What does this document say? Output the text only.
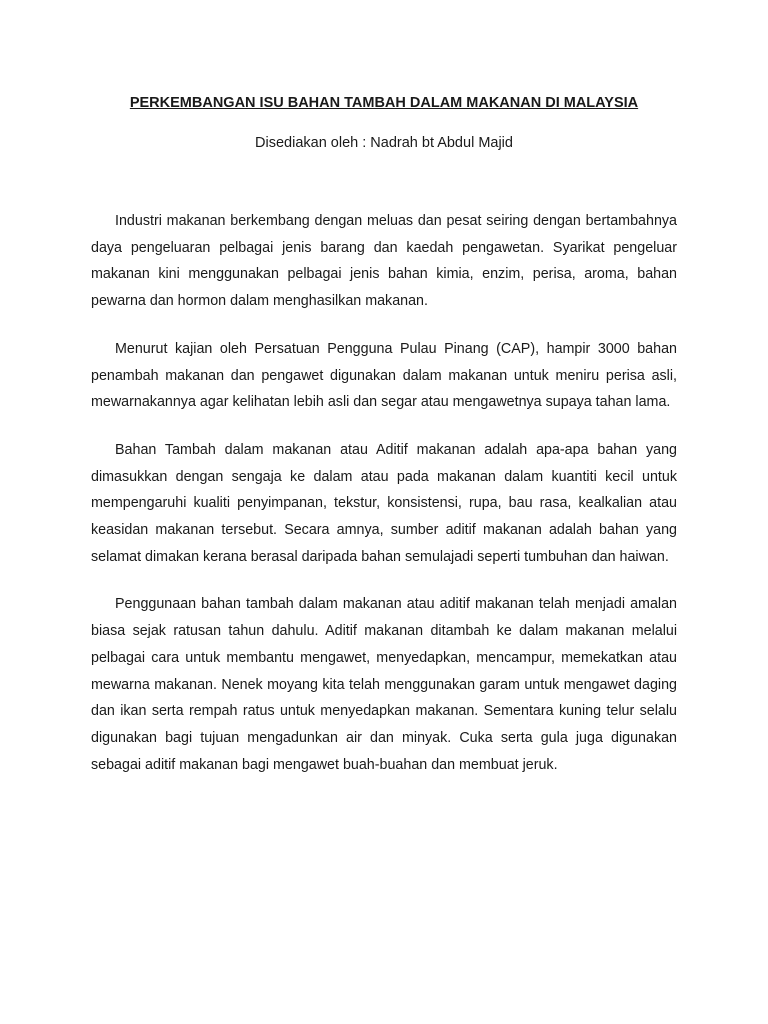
PERKEMBANGAN ISU BAHAN TAMBAH DALAM MAKANAN DI MALAYSIA

Disediakan oleh : Nadrah bt Abdul Majid

Industri makanan berkembang dengan meluas dan pesat seiring dengan bertambahnya daya pengeluaran pelbagai jenis barang dan kaedah pengawetan. Syarikat pengeluar makanan kini menggunakan pelbagai jenis bahan kimia, enzim, perisa, aroma, bahan pewarna dan hormon dalam menghasilkan makanan.

Menurut kajian oleh Persatuan Pengguna Pulau Pinang (CAP), hampir 3000 bahan penambah makanan dan pengawet digunakan dalam makanan untuk meniru perisa asli, mewarnakannya agar kelihatan lebih asli dan segar atau mengawetnya supaya tahan lama.

Bahan Tambah dalam makanan atau Aditif makanan adalah apa-apa bahan yang dimasukkan dengan sengaja ke dalam atau pada makanan dalam kuantiti kecil untuk mempengaruhi kualiti penyimpanan, tekstur, konsistensi, rupa, bau rasa, kealkalian atau keasidan makanan tersebut. Secara amnya, sumber aditif makanan adalah bahan yang selamat dimakan kerana berasal daripada bahan semulajadi seperti tumbuhan dan haiwan.

Penggunaan bahan tambah dalam makanan atau aditif makanan telah menjadi amalan biasa sejak ratusan tahun dahulu. Aditif makanan ditambah ke dalam makanan melalui pelbagai cara untuk membantu mengawet, menyedapkan, mencampur, memekatkan atau mewarna makanan. Nenek moyang kita telah menggunakan garam untuk mengawet daging dan ikan serta rempah ratus untuk menyedapkan makanan. Sementara kuning telur selalu digunakan bagi tujuan mengadunkan air dan minyak. Cuka serta gula juga digunakan sebagai aditif makanan bagi mengawet buah-buahan dan membuat jeruk.
